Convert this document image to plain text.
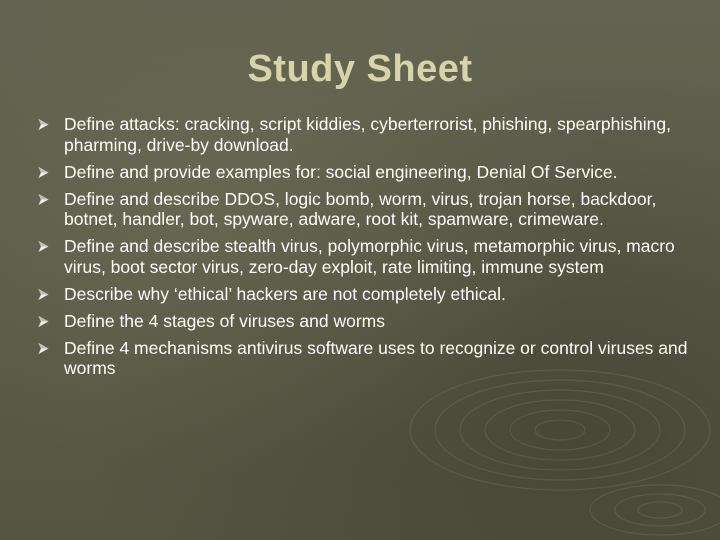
Study Sheet
Define attacks: cracking, script kiddies, cyberterrorist, phishing, spearphishing, pharming, drive-by download.
Define and provide examples for: social engineering, Denial Of Service.
Define and describe DDOS, logic bomb, worm, virus, trojan horse, backdoor, botnet, handler, bot, spyware, adware, root kit, spamware, crimeware.
Define and describe stealth virus, polymorphic virus, metamorphic virus, macro virus, boot sector virus, zero-day exploit, rate limiting, immune system
Describe why ‘ethical’ hackers are not completely ethical.
Define the 4 stages of viruses and worms
Define 4 mechanisms antivirus software uses to recognize or control viruses and worms
